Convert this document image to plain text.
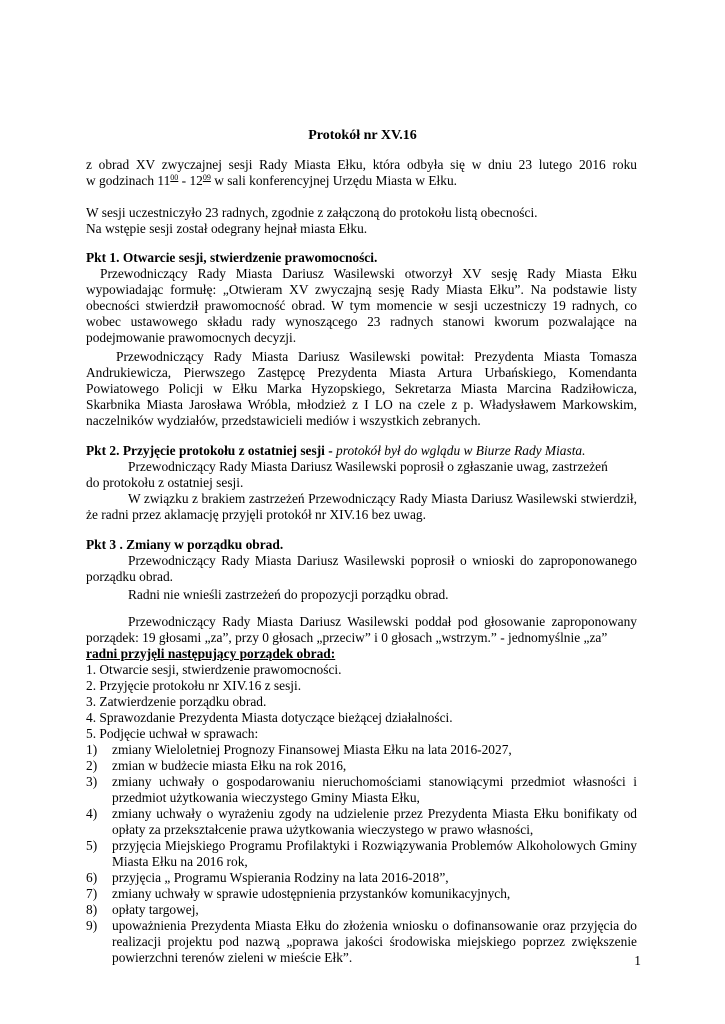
Protokół nr XV.16

z obrad XV zwyczajnej sesji Rady Miasta Ełku, która odbyła się w dniu 23 lutego 2016 roku

w godzinach $11^{00} - 12^{09}$ w sali konferencyjnej Urzędu Miasta w Ełku.

W sesji uczestniczyło 23 radnych, zgodnie z załączoną do protokołu listą obecności.

Na wstępie sesji został odegrany hejnał miasta Ełku.

Pkt 1. Otwarcie sesji, stwierdzenie prawomocności.

Przewodniczący Rady Miasta Dariusz Wasilewski otworzył XV sesję Rady Miasta Ełku wypowiadając formułę: „Otwieram XV zwyczajną sesję Rady Miasta Ełku”. Na podstawie listy obecności stwierdził prawomocność obrad. W tym momencie w sesji uczestniczy 19 radnych, co wobec ustawowego składu rady wynoszącego 23 radnych stanowi kworum pozwalające na podejmowanie prawomocnych decyzji.

Przewodniczący Rady Miasta Dariusz Wasilewski powitał: Prezydenta Miasta Tomasza Andrukiewicza, Pierwszego Zastępcę Prezydenta Miasta Artura Urbańskiego, Komendanta Powiatowego Policji w Ełku Marka Hyzopskiego, Sekretarza Miasta Marcina Radziłowicza, Skarbnika Miasta Jarosława Wróbla, młodzież z I LO na czele z p. Władysławem Markowskim, naczelników wydziałów, przedstawicieli mediów i wszystkich zebranych.

Pkt 2. Przyjęcie protokołu z ostatniej sesji - protokół był do wglądu w Biurze Rady Miasta.

Przewodniczący Rady Miasta Dariusz Wasilewski poprosił o zgłaszanie uwag, zastrzeżeń

do protokołu z ostatniej sesji.

W związku z brakiem zastrzeżeń Przewodniczący Rady Miasta Dariusz Wasilewski stwierdził, że radni przez aklamację przyjęli protokół nr XIV.16 bez uwag.

Pkt 3 . Zmiany w porządku obrad.

Przewodniczący Rady Miasta Dariusz Wasilewski poprosił o wnioski do zaproponowanego porządku obrad.

Radni nie wnieśli zastrzeżeń do propozycji porządku obrad.

Przewodniczący Rady Miasta Dariusz Wasilewski poddał pod głosowanie zaproponowany

porządek: 19 głosami „za”, przy 0 głosach „przeciw” i 0 głosach „wstrzym.” - jednomyślnie „za”

radni przyjęli następujący porządek obrad:

1. Otwarcie sesji, stwierdzenie prawomocności.

2. Przyjęcie protokołu nr XIV.16 z sesji.

3. Zatwierdzenie porządku obrad.

4. Sprawozdanie Prezydenta Miasta dotyczące bieżącej działalności.

5. Podjęcie uchwał w sprawach:

1) zmiany Wieloletniej Prognozy Finansowej Miasta Ełku na lata 2016-2027,
2) zmian w budżecie miasta Ełku na rok 2016,
3) zmiany uchwały o gospodarowaniu nieruchomościami stanowiącymi przedmiot własności i przedmiot użytkowania wieczystego Gminy Miasta Ełku,
4) zmiany uchwały o wyrażeniu zgody na udzielenie przez Prezydenta Miasta Ełku bonifikaty od opłaty za przekształcenie prawa użytkowania wieczystego w prawo własności,
5) przyjęcia Miejskiego Programu Profilaktyki i Rozwiązywania Problemów Alkoholowych Gminy Miasta Ełku na 2016 rok,
6) przyjęcia „ Programu Wspierania Rodziny na lata 2016-2018”,
7) zmiany uchwały w sprawie udostępnienia przystanków komunikacyjnych,
8) opłaty targowej,
9) upoważnienia Prezydenta Miasta Ełku do złożenia wniosku o dofinansowanie oraz przyjęcia do realizacji projektu pod nazwą „poprawa jakości środowiska miejskiego poprzez zwiększenie powierzchni terenów zieleni w mieście Ełk”.	1
